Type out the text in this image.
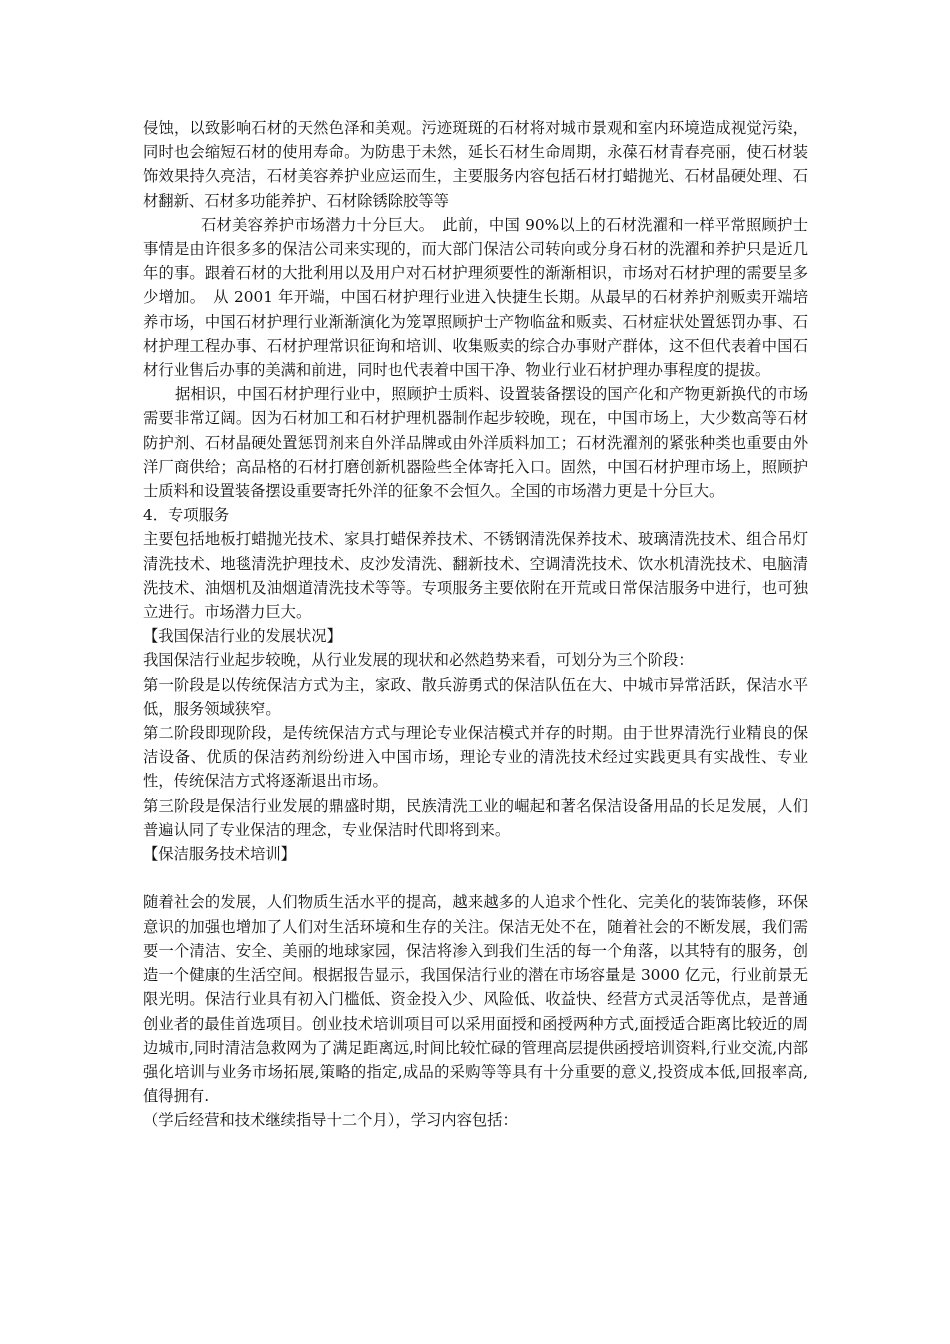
侵蚀，以致影响石材的天然色泽和美观。污迹斑斑的石材将对城市景观和室内环境造成视觉污染，同时也会缩短石材的使用寿命。为防患于未然，延长石材生命周期，永葆石材青春亮丽，使石材装饰效果持久亮洁，石材美容养护业应运而生，主要服务内容包括石材打蜡抛光、石材晶硬处理、石材翻新、石材多功能养护、石材除锈除胶等等

石材美容养护市场潜力十分巨大。　此前，中国 90%以上的石材洗濯和一样平常照顾护士事情是由许很多多的保洁公司来实现的，而大部门保洁公司转向或分身石材的洗濯和养护只是近几年的事。跟着石材的大批利用以及用户对石材护理须要性的渐渐相识，市场对石材护理的需要呈多少增加。　从 2001 年开端，中国石材护理行业进入快捷生长期。从最早的石材养护剂贩卖开端培养市场，中国石材护理行业渐渐演化为笼罩照顾护士产物临盆和贩卖、石材症状处置惩罚办事、石材护理工程办事、石材护理常识征询和培训、收集贩卖的综合办事财产群体，这不但代表着中国石材行业售后办事的美满和前进，同时也代表着中国干净、物业行业石材护理办事程度的提拔。

据相识，中国石材护理行业中，照顾护士质料、设置装备摆设的国产化和产物更新换代的市场需要非常辽阔。因为石材加工和石材护理机器制作起步较晚，现在，中国市场上，大少数高等石材防护剂、石材晶硬处置惩罚剂来自外洋品牌或由外洋质料加工；石材洗濯剂的紧张种类也重要由外洋厂商供给；高品格的石材打磨创新机器险些全体寄托入口。固然，中国石材护理市场上，照顾护士质料和设置装备摆设重要寄托外洋的征象不会恒久。全国的市场潜力更是十分巨大。

4．专项服务

主要包括地板打蜡抛光技术、家具打蜡保养技术、不锈钢清洗保养技术、玻璃清洗技术、组合吊灯清洗技术、地毯清洗护理技术、皮沙发清洗、翻新技术、空调清洗技术、饮水机清洗技术、电脑清洗技术、油烟机及油烟道清洗技术等等。专项服务主要依附在开荒或日常保洁服务中进行，也可独立进行。市场潜力巨大。

【我国保洁行业的发展状况】

我国保洁行业起步较晚，从行业发展的现状和必然趋势来看，可划分为三个阶段：

第一阶段是以传统保洁方式为主，家政、散兵游勇式的保洁队伍在大、中城市异常活跃，保洁水平低，服务领域狭窄。

第二阶段即现阶段，是传统保洁方式与理论专业保洁模式并存的时期。由于世界清洗行业精良的保洁设备、优质的保洁药剂纷纷进入中国市场，理论专业的清洗技术经过实践更具有实战性、专业性，传统保洁方式将逐渐退出市场。

第三阶段是保洁行业发展的鼎盛时期，民族清洗工业的崛起和著名保洁设备用品的长足发展，人们普遍认同了专业保洁的理念，专业保洁时代即将到来。

【保洁服务技术培训】

随着社会的发展，人们物质生活水平的提高，越来越多的人追求个性化、完美化的装饰装修，环保意识的加强也增加了人们对生活环境和生存的关注。保洁无处不在，随着社会的不断发展，我们需要一个清洁、安全、美丽的地球家园，保洁将渗入到我们生活的每一个角落，以其特有的服务，创造一个健康的生活空间。根据报告显示，我国保洁行业的潜在市场容量是 3000 亿元，行业前景无限光明。保洁行业具有初入门槛低、资金投入少、风险低、收益快、经营方式灵活等优点，是普通创业者的最佳首选项目。创业技术培训项目可以采用面授和函授两种方式,面授适合距离比较近的周边城市,同时清洁急救网为了满足距离远,时间比较忙碌的管理高层提供函授培训资料,行业交流,内部强化培训与业务市场拓展,策略的指定,成品的采购等等具有十分重要的意义,投资成本低,回报率高,值得拥有.

（学后经营和技术继续指导十二个月），学习内容包括：
